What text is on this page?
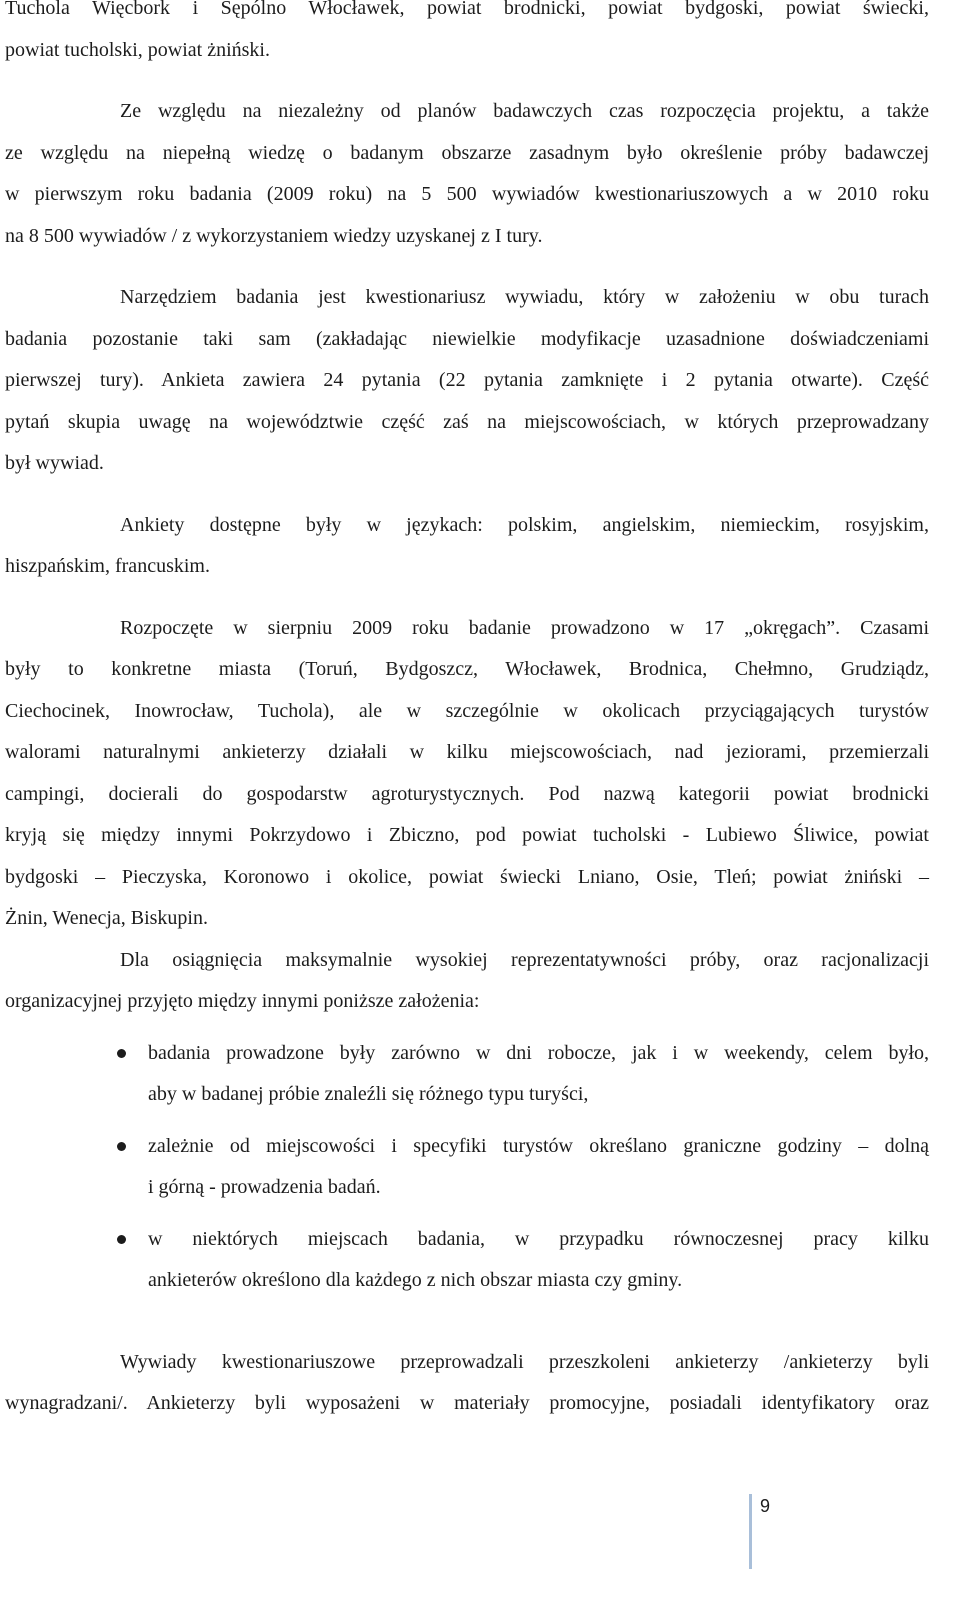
Tuchola Więcbork i Sępólno Włocławek, powiat brodnicki, powiat bydgoski, powiat świecki,
powiat tucholski, powiat żniński.
Ze względu na niezależny od planów badawczych czas rozpoczęcia projektu, a także
ze względu na niepełną wiedzę o badanym obszarze zasadnym było określenie próby badawczej
w pierwszym roku badania (2009 roku) na 5 500 wywiadów kwestionariuszowych a w 2010 roku
na 8 500 wywiadów / z wykorzystaniem wiedzy uzyskanej z I tury.
Narzędziem badania jest kwestionariusz wywiadu, który w założeniu w obu turach
badania pozostanie taki sam (zakładając niewielkie modyfikacje uzasadnione doświadczeniami
pierwszej tury). Ankieta zawiera 24 pytania (22 pytania zamknięte i 2 pytania otwarte). Część
pytań skupia uwagę na województwie część zaś na miejscowościach, w których przeprowadzany
był wywiad.
Ankiety dostępne były w językach: polskim, angielskim, niemieckim, rosyjskim,
hiszpańskim, francuskim.
Rozpoczęte w sierpniu 2009 roku badanie prowadzono w 17 „okręgach”. Czasami
były to konkretne miasta (Toruń, Bydgoszcz, Włocławek, Brodnica, Chełmno, Grudziądz,
Ciechocinek, Inowrocław, Tuchola), ale w szczególnie w okolicach przyciągających turystów
walorami naturalnymi ankieterzy działali w kilku miejscowościach, nad jeziorami, przemierzali
campingi, docierali do gospodarstw agroturystycznych. Pod nazwą kategorii powiat brodnicki
kryją się między innymi Pokrzydowo i Zbiczno, pod powiat tucholski - Lubiewo Śliwice, powiat
bydgoski – Pieczyska, Koronowo i okolice, powiat świecki Lniano, Osie, Tleń; powiat żniński –
Żnin, Wenecja, Biskupin.
Dla osiągnięcia maksymalnie wysokiej reprezentatywności próby, oraz racjonalizacji
organizacyjnej przyjęto między innymi poniższe założenia:
badania prowadzone były zarówno w dni robocze, jak i w weekendy, celem było,
aby w badanej próbie znaleźli się różnego typu turyści,
zależnie od miejscowości i specyfiki turystów określano graniczne godziny – dolną
i górną - prowadzenia badań.
w niektórych miejscach badania, w przypadku równoczesnej pracy kilku
ankieterów określono dla każdego z nich obszar miasta czy gminy.
Wywiady kwestionariuszowe przeprowadzali przeszkoleni ankieterzy /ankieterzy byli
wynagradzani/. Ankieterzy byli wyposażeni w materiały promocyjne, posiadali identyfikatory oraz
9
